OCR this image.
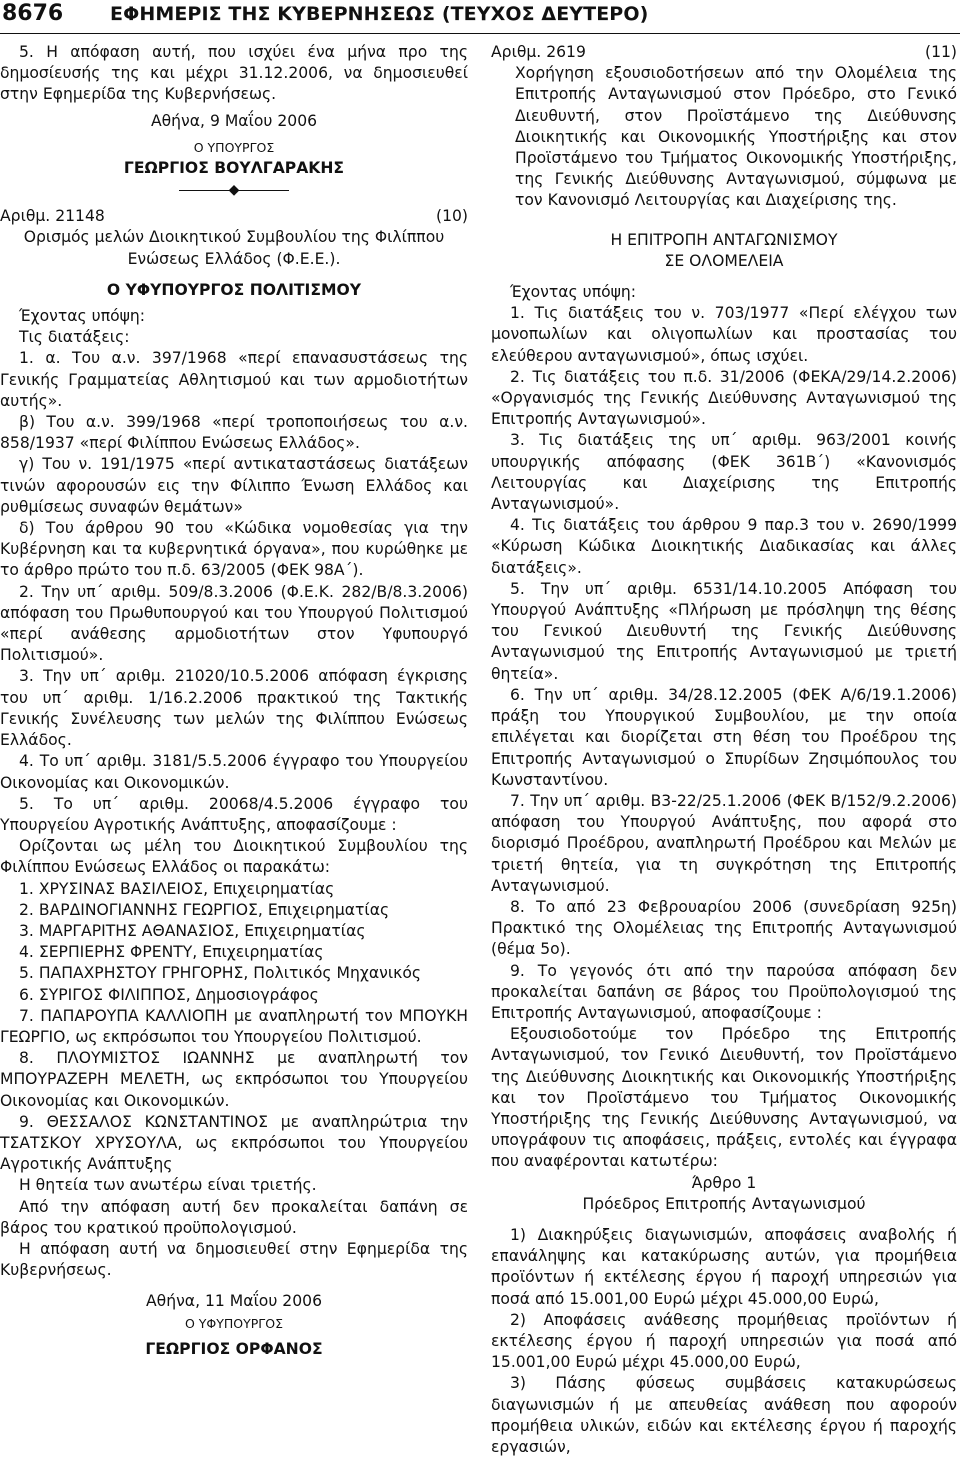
8676 ΕΦΗΜΕΡΙΣ ΤΗΣ ΚΥΒΕΡΝΗΣΕΩΣ (ΤΕΥΧΟΣ ΔΕΥΤΕΡΟ)

5. Η απόφαση αυτή, που ισχύει ένα μήνα προ της δημοσίευσής της και μέχρι 31.12.2006, να δημοσιευθεί στην Εφημερίδα της Κυβερνήσεως.

Αθήνα, 9 Μαΐου 2006

Ο ΥΠΟΥΡΓΟΣ

ΓΕΩΡΓΙΟΣ ΒΟΥΛΓΑΡΑΚΗΣ

◆
Αριθμ. 21148	(10)

Ορισμός μελών Διοικητικού Συμβουλίου της Φιλίππου Ενώσεως Ελλάδος (Φ.Ε.Ε.).

Ο ΥΦΥΠΟΥΡΓΟΣ ΠΟΛΙΤΙΣΜΟΥ

Έχοντας υπόψη:

Τις διατάξεις:

1. α. Του α.ν. 397/1968 «περί επανασυστάσεως της Γενικής Γραμματείας Αθλητισμού και των αρμοδιοτήτων αυτής».

β) Του α.ν. 399/1968 «περί τροποποιήσεως του α.ν. 858/1937 «περί Φιλίππου Ενώσεως Ελλάδος».

γ) Του ν. 191/1975 «περί αντικαταστάσεως διατάξεων τινών αφορουσών εις την Φίλιππο Ένωση Ελλάδος και ρυθμίσεως συναφών θεμάτων»

δ) Του άρθρου 90 του «Κώδικα νομοθεσίας για την Κυβέρνηση και τα κυβερνητικά όργανα», που κυρώθηκε με το άρθρο πρώτο του π.δ. 63/2005 (ΦΕΚ 98Α΄).

2. Την υπ΄ αριθμ. 509/8.3.2006 (Φ.Ε.Κ. 282/Β/8.3.2006) απόφαση του Πρωθυπουργού και του Υπουργού Πολιτισμού «περί ανάθεσης αρμοδιοτήτων στον Υφυπουργό Πολιτισμού».

3. Την υπ΄ αριθμ. 21020/10.5.2006 απόφαση έγκρισης του υπ΄ αριθμ. 1/16.2.2006 πρακτικού της Τακτικής Γενικής Συνέλευσης των μελών της Φιλίππου Ενώσεως Ελλάδος.

4. Το υπ΄ αριθμ. 3181/5.5.2006 έγγραφο του Υπουργείου Οικονομίας και Οικονομικών.

5. Το υπ΄ αριθμ. 20068/4.5.2006 έγγραφο του Υπουργείου Αγροτικής Ανάπτυξης, αποφασίζουμε :

Ορίζονται ως μέλη του Διοικητικού Συμβουλίου της Φιλίππου Ενώσεως Ελλάδος οι παρακάτω:

1. ΧΡΥΣΙΝΑΣ ΒΑΣΙΛΕΙΟΣ, Επιχειρηματίας

2. ΒΑΡΔΙΝΟΓΙΑΝΝΗΣ ΓΕΩΡΓΙΟΣ, Επιχειρηματίας

3. ΜΑΡΓΑΡΙΤΗΣ ΑΘΑΝΑΣΙΟΣ, Επιχειρηματίας

4. ΣΕΡΠΙΕΡΗΣ ΦΡΕΝΤΥ, Επιχειρηματίας

5. ΠΑΠΑΧΡΗΣΤΟΥ ΓΡΗΓΟΡΗΣ, Πολιτικός Μηχανικός

6. ΣΥΡΙΓΟΣ ΦΙΛΙΠΠΟΣ, Δημοσιογράφος

7. ΠΑΠΑΡΟΥΠΑ ΚΑΛΛΙΟΠΗ με αναπληρωτή τον ΜΠΟΥΚΗ ΓΕΩΡΓΙΟ, ως εκπρόσωποι του Υπουργείου Πολιτισμού.

8. ΠΛΟΥΜΙΣΤΟΣ ΙΩΑΝΝΗΣ με αναπληρωτή τον ΜΠΟΥΡΑΖΕΡΗ ΜΕΛΕΤΗ, ως εκπρόσωποι του Υπουργείου Οικονομίας και Οικονομικών.

9. ΘΕΣΣΑΛΟΣ ΚΩΝΣΤΑΝΤΙΝΟΣ με αναπληρώτρια την ΤΣΑΤΣΚΟΥ ΧΡΥΣΟΥΛΑ, ως εκπρόσωποι του Υπουργείου Αγροτικής Ανάπτυξης

Η θητεία των ανωτέρω είναι τριετής.

Από την απόφαση αυτή δεν προκαλείται δαπάνη σε βάρος του κρατικού προϋπολογισμού.

Η απόφαση αυτή να δημοσιευθεί στην Εφημερίδα της Κυβερνήσεως.

Αθήνα, 11 Μαΐου 2006

Ο ΥΦΥΠΟΥΡΓΟΣ

ΓΕΩΡΓΙΟΣ ΟΡΦΑΝΟΣ

Αριθμ. 2619	(11)

Χορήγηση εξουσιοδοτήσεων από την Ολομέλεια της Επιτροπής Ανταγωνισμού στον Πρόεδρο, στο Γενικό Διευθυντή, στον Προϊστάμενο της Διεύθυνσης Διοικητικής και Οικονομικής Υποστήριξης και στον Προϊστάμενο του Τμήματος Οικονομικής Υποστήριξης, της Γενικής Διεύθυνσης Ανταγωνισμού, σύμφωνα με τον Κανονισμό Λειτουργίας και Διαχείρισης της.

Η ΕΠΙΤΡΟΠΗ ΑΝΤΑΓΩΝΙΣΜΟΥ

ΣΕ ΟΛΟΜΕΛΕΙΑ

Έχοντας υπόψη:

1. Τις διατάξεις του ν. 703/1977 «Περί ελέγχου των μονοπωλίων και ολιγοπωλίων και προστασίας του ελεύθερου ανταγωνισμού», όπως ισχύει.

2. Τις διατάξεις του π.δ. 31/2006 (ΦΕΚΑ/29/14.2.2006) «Οργανισμός της Γενικής Διεύθυνσης Ανταγωνισμού της Επιτροπής Ανταγωνισμού».

3. Τις διατάξεις της υπ΄ αριθμ. 963/2001 κοινής υπουργικής απόφασης (ΦΕΚ 361Β΄) «Κανονισμός Λειτουργίας και Διαχείρισης της Επιτροπής Ανταγωνισμού».

4. Τις διατάξεις του άρθρου 9 παρ.3 του ν. 2690/1999 «Κύρωση Κώδικα Διοικητικής Διαδικασίας και άλλες διατάξεις».

5. Την υπ΄ αριθμ. 6531/14.10.2005 Απόφαση του Υπουργού Ανάπτυξης «Πλήρωση με πρόσληψη της θέσης του Γενικού Διευθυντή της Γενικής Διεύθυνσης Ανταγωνισμού της Επιτροπής Ανταγωνισμού με τριετή θητεία».

6. Την υπ΄ αριθμ. 34/28.12.2005 (ΦΕΚ Α/6/19.1.2006) πράξη του Υπουργικού Συμβουλίου, με την οποία επιλέγεται και διορίζεται στη θέση του Προέδρου της Επιτροπής Ανταγωνισμού ο Σπυρίδων Ζησιμόπουλος του Κωνσταντίνου.

7. Την υπ΄ αριθμ. Β3-22/25.1.2006 (ΦΕΚ Β/152/9.2.2006) απόφαση του Υπουργού Ανάπτυξης, που αφορά στο διορισμό Προέδρου, αναπληρωτή Προέδρου και Μελών με τριετή θητεία, για τη συγκρότηση της Επιτροπής Ανταγωνισμού.

8. Το από 23 Φεβρουαρίου 2006 (συνεδρίαση 925η) Πρακτικό της Ολομέλειας της Επιτροπής Ανταγωνισμού (θέμα 5ο).

9. Το γεγονός ότι από την παρούσα απόφαση δεν προκαλείται δαπάνη σε βάρος του Προϋπολογισμού της Επιτροπής Ανταγωνισμού, αποφασίζουμε :

Εξουσιοδοτούμε τον Πρόεδρο της Επιτροπής Ανταγωνισμού, τον Γενικό Διευθυντή, τον Προϊστάμενο της Διεύθυνσης Διοικητικής και Οικονομικής Υποστήριξης και τον Προϊστάμενο του Τμήματος Οικονομικής Υποστήριξης της Γενικής Διεύθυνσης Ανταγωνισμού, να υπογράφουν τις αποφάσεις, πράξεις, εντολές και έγγραφα που αναφέρονται κατωτέρω:

Άρθρο 1

Πρόεδρος Επιτροπής Ανταγωνισμού

1) Διακηρύξεις διαγωνισμών, αποφάσεις αναβολής ή επανάληψης και κατακύρωσης αυτών, για προμήθεια προϊόντων ή εκτέλεσης έργου ή παροχή υπηρεσιών για ποσά από 15.001,00 Ευρώ μέχρι 45.000,00 Ευρώ,

2) Αποφάσεις ανάθεσης προμήθειας προϊόντων ή εκτέλεσης έργου ή παροχή υπηρεσιών για ποσά από 15.001,00 Ευρώ μέχρι 45.000,00 Ευρώ,

3) Πάσης φύσεως συμβάσεις κατακυρώσεως διαγωνισμών ή με απευθείας ανάθεση που αφορούν προμήθεια υλικών, ειδών και εκτέλεσης έργου ή παροχής εργασιών,
